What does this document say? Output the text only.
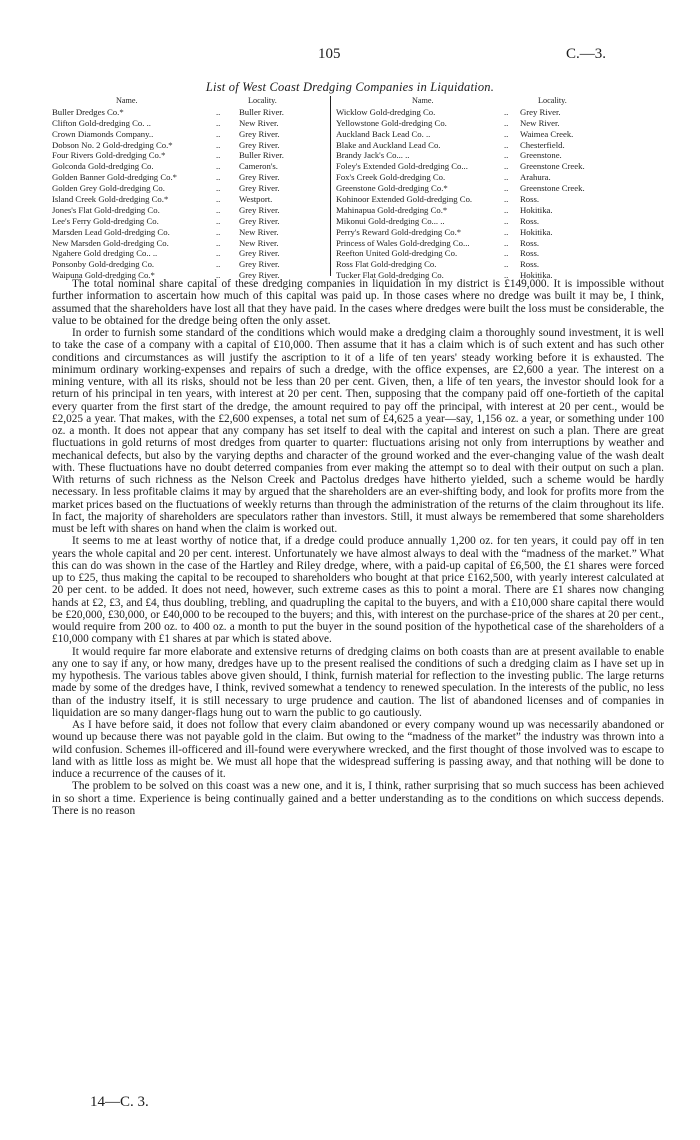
105	C.—3.
List of West Coast Dredging Companies in Liquidation.
Name.	Locality.
Buller Dredges Co.*	.. Buller River.
Clifton Gold-dredging Co. ..	.. New River.
Crown Diamonds Company..	.. Grey River.
Dobson No. 2 Gold-dredging Co.*	.. Grey River.
Four Rivers Gold-dredging Co.*	.. Buller River.
Golconda Gold-dredging Co.	.. Cameron's.
Golden Banner Gold-dredging Co.*	.. Grey River.
Golden Grey Gold-dredging Co.	.. Grey River.
Island Creek Gold-dredging Co.*	.. Westport.
Jones's Flat Gold-dredging Co.	.. Grey River.
Lee's Ferry Gold-dredging Co.	.. Grey River.
Marsden Lead Gold-dredging Co.	.. New River.
New Marsden Gold-dredging Co.	.. New River.
Ngahere Gold dredging Co.. ..	.. Grey River.
Ponsonby Gold-dredging Co.	.. Grey River.
Waipuna Gold-dredging Co.*	.. Grey River.
Name.	Locality.
Wicklow Gold-dredging Co.	.. Grey River.
Yellowstone Gold-dredging Co.	.. New River.
Auckland Back Lead Co. ..	.. Waimea Creek.
Blake and Auckland Lead Co.	.. Chesterfield.
Brandy Jack's Co... ..	.. Greenstone.
Foley's Extended Gold-dredging Co...	.. Greenstone Creek.
Fox's Creek Gold-dredging Co.	.. Arahura.
Greenstone Gold-dredging Co.*	.. Greenstone Creek.
Kohinoor Extended Gold-dredging Co.	.. Ross.
Mahinapua Gold-dredging Co.*	.. Hokitika.
Mikonui Gold-dredging Co... ..	.. Ross.
Perry's Reward Gold-dredging Co.*	.. Hokitika.
Princess of Wales Gold-dredging Co...	.. Ross.
Reefton United Gold-dredging Co.	.. Ross.
Ross Flat Gold-dredging Co.	.. Ross.
Tucker Flat Gold-dredging Co.	.. Hokitika.

The total nominal share capital of these dredging companies in liquidation in my district is £149,000. It is impossible without further information to ascertain how much of this capital was paid up. In those cases where no dredge was built it may be, I think, assumed that the shareholders have lost all that they have paid. In the cases where dredges were built the loss must be considerable, the value to be obtained for the dredge being often the only asset.

In order to furnish some standard of the conditions which would make a dredging claim a thoroughly sound investment, it is well to take the case of a company with a capital of £10,000. Then assume that it has a claim which is of such extent and has such other conditions and circumstances as will justify the ascription to it of a life of ten years' steady working before it is exhausted. The minimum ordinary working-expenses and repairs of such a dredge, with the office expenses, are £2,600 a year. The interest on a mining venture, with all its risks, should not be less than 20 per cent. Given, then, a life of ten years, the investor should look for a return of his principal in ten years, with interest at 20 per cent. Then, supposing that the company paid off one-fortieth of the capital every quarter from the first start of the dredge, the amount required to pay off the principal, with interest at 20 per cent., would be £2,025 a year. That makes, with the £2,600 expenses, a total net sum of £4,625 a year—say, 1,156 oz. a year, or something under 100 oz. a month. It does not appear that any company has set itself to deal with the capital and interest on such a plan. There are great fluctuations in gold returns of most dredges from quarter to quarter: fluctuations arising not only from interruptions by weather and mechanical defects, but also by the varying depths and character of the ground worked and the ever-changing value of the wash dealt with. These fluctuations have no doubt deterred companies from ever making the attempt so to deal with their output on such a plan. With returns of such richness as the Nelson Creek and Pactolus dredges have hitherto yielded, such a scheme would be hardly necessary. In less profitable claims it may by argued that the shareholders are an ever-shifting body, and look for profits more from the market prices based on the fluctuations of weekly returns than through the administration of the returns of the claim throughout its life. In fact, the majority of shareholders are speculators rather than investors. Still, it must always be remembered that some shareholders must be left with shares on hand when the claim is worked out.

It seems to me at least worthy of notice that, if a dredge could produce annually 1,200 oz. for ten years, it could pay off in ten years the whole capital and 20 per cent. interest. Unfortunately we have almost always to deal with the “madness of the market.” What this can do was shown in the case of the Hartley and Riley dredge, where, with a paid-up capital of £6,500, the £1 shares were forced up to £25, thus making the capital to be recouped to shareholders who bought at that price £162,500, with yearly interest calculated at 20 per cent. to be added. It does not need, however, such extreme cases as this to point a moral. There are £1 shares now changing hands at £2, £3, and £4, thus doubling, trebling, and quadrupling the capital to the buyers, and with a £10,000 share capital there would be £20,000, £30,000, or £40,000 to be recouped to the buyers; and this, with interest on the purchase-price of the shares at 20 per cent., would require from 200 oz. to 400 oz. a month to put the buyer in the sound position of the hypothetical case of the shareholders of a £10,000 company with £1 shares at par which is stated above.

It would require far more elaborate and extensive returns of dredging claims on both coasts than are at present available to enable any one to say if any, or how many, dredges have up to the present realised the conditions of such a dredging claim as I have set up in my hypothesis. The various tables above given should, I think, furnish material for reflection to the investing public. The large returns made by some of the dredges have, I think, revived somewhat a tendency to renewed speculation. In the interests of the public, no less than of the industry itself, it is still necessary to urge prudence and caution. The list of abandoned licenses and of companies in liquidation are so many danger-flags hung out to warn the public to go cautiously.

As I have before said, it does not follow that every claim abandoned or every company wound up was necessarily abandoned or wound up because there was not payable gold in the claim. But owing to the “madness of the market” the industry was thrown into a wild confusion. Schemes ill-officered and ill-found were everywhere wrecked, and the first thought of those involved was to escape to land with as little loss as might be. We must all hope that the widespread suffering is passing away, and that nothing will be done to induce a recurrence of the causes of it.

The problem to be solved on this coast was a new one, and it is, I think, rather surprising that so much success has been achieved in so short a time. Experience is being continually gained and a better understanding as to the conditions on which success depends. There is no reason

14—C. 3.
